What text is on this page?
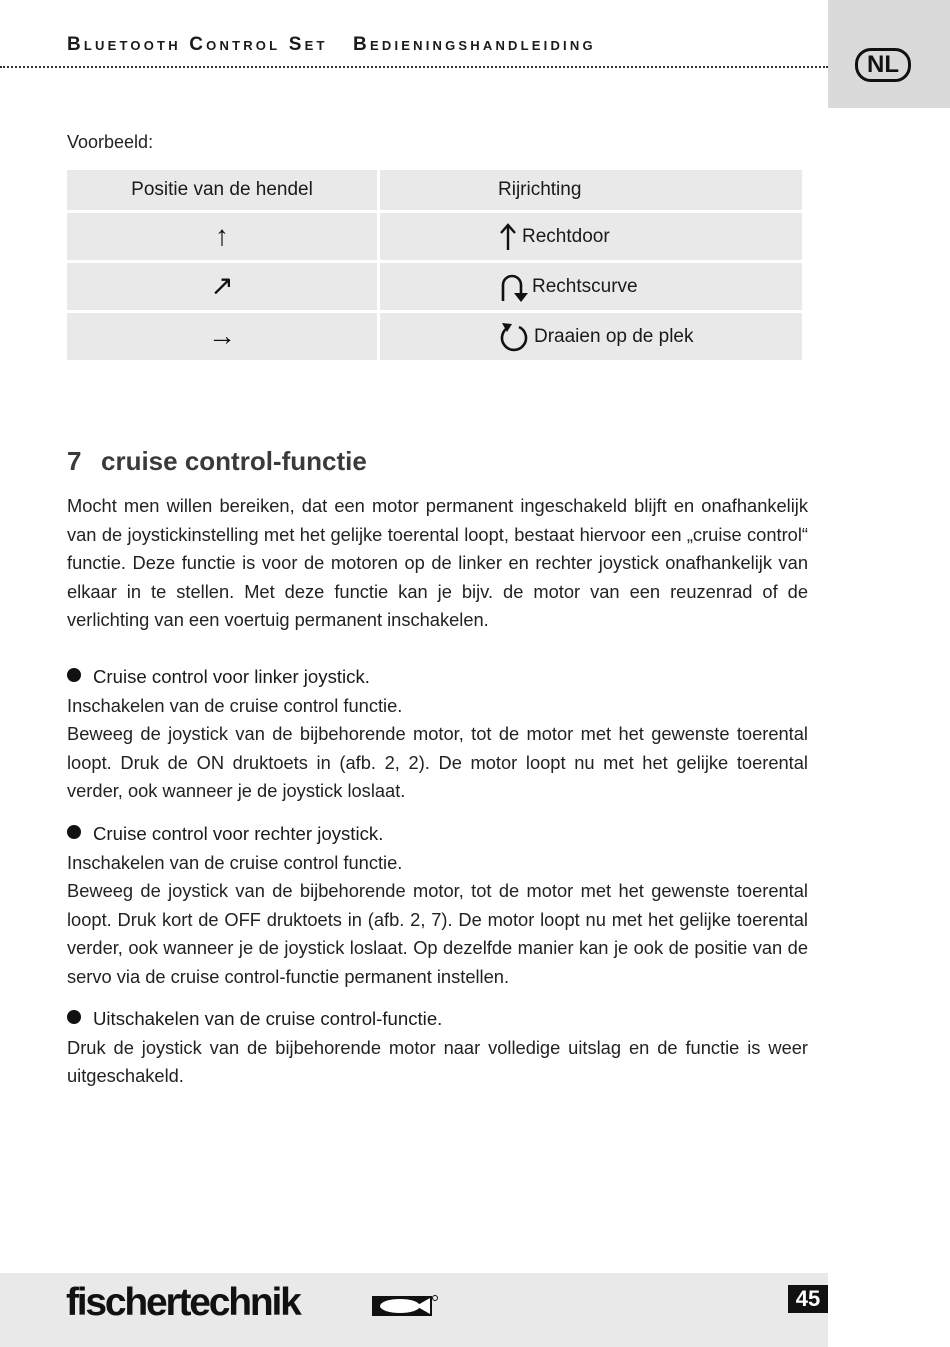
Bluetooth Control Set   Bedieningshandleiding
NL
Voorbeeld:
Positie van de hendel	Rijrichting
↑	Rechtdoor
↗	Rechtscurve
→	Draaien op de plek
7 cruise control-functie
Mocht men willen bereiken, dat een motor permanent ingeschakeld blijft en onafhankelijk van de joystickinstelling met het gelijke toerental loopt, bestaat hiervoor een „cruise control“ functie. Deze functie is voor de motoren op de linker en rechter joystick onafhankelijk van elkaar in te stellen. Met deze functie kan je bijv. de motor van een reuzenrad of de verlichting van een voertuig permanent inschakelen.
Cruise control voor linker joystick.
Inschakelen van de cruise control functie.
Beweeg de joystick van de bijbehorende motor, tot de motor met het gewenste toerental loopt. Druk de ON druktoets in (afb. 2, 2). De motor loopt nu met het gelijke toerental verder, ook wanneer je de joystick loslaat.
Cruise control voor rechter joystick.
Inschakelen van de cruise control functie.
Beweeg de joystick van de bijbehorende motor, tot de motor met het gewenste toerental loopt. Druk kort de OFF druktoets in (afb. 2, 7). De motor loopt nu met het gelijke toerental verder, ook wanneer je de joystick loslaat. Op dezelfde manier kan je ook de positie van de servo via de cruise control-functie permanent instellen.
Uitschakelen van de cruise control-functie.
Druk de joystick van de bijbehorende motor naar volledige uitslag en de functie is weer uitgeschakeld.
fischertechnik	45
